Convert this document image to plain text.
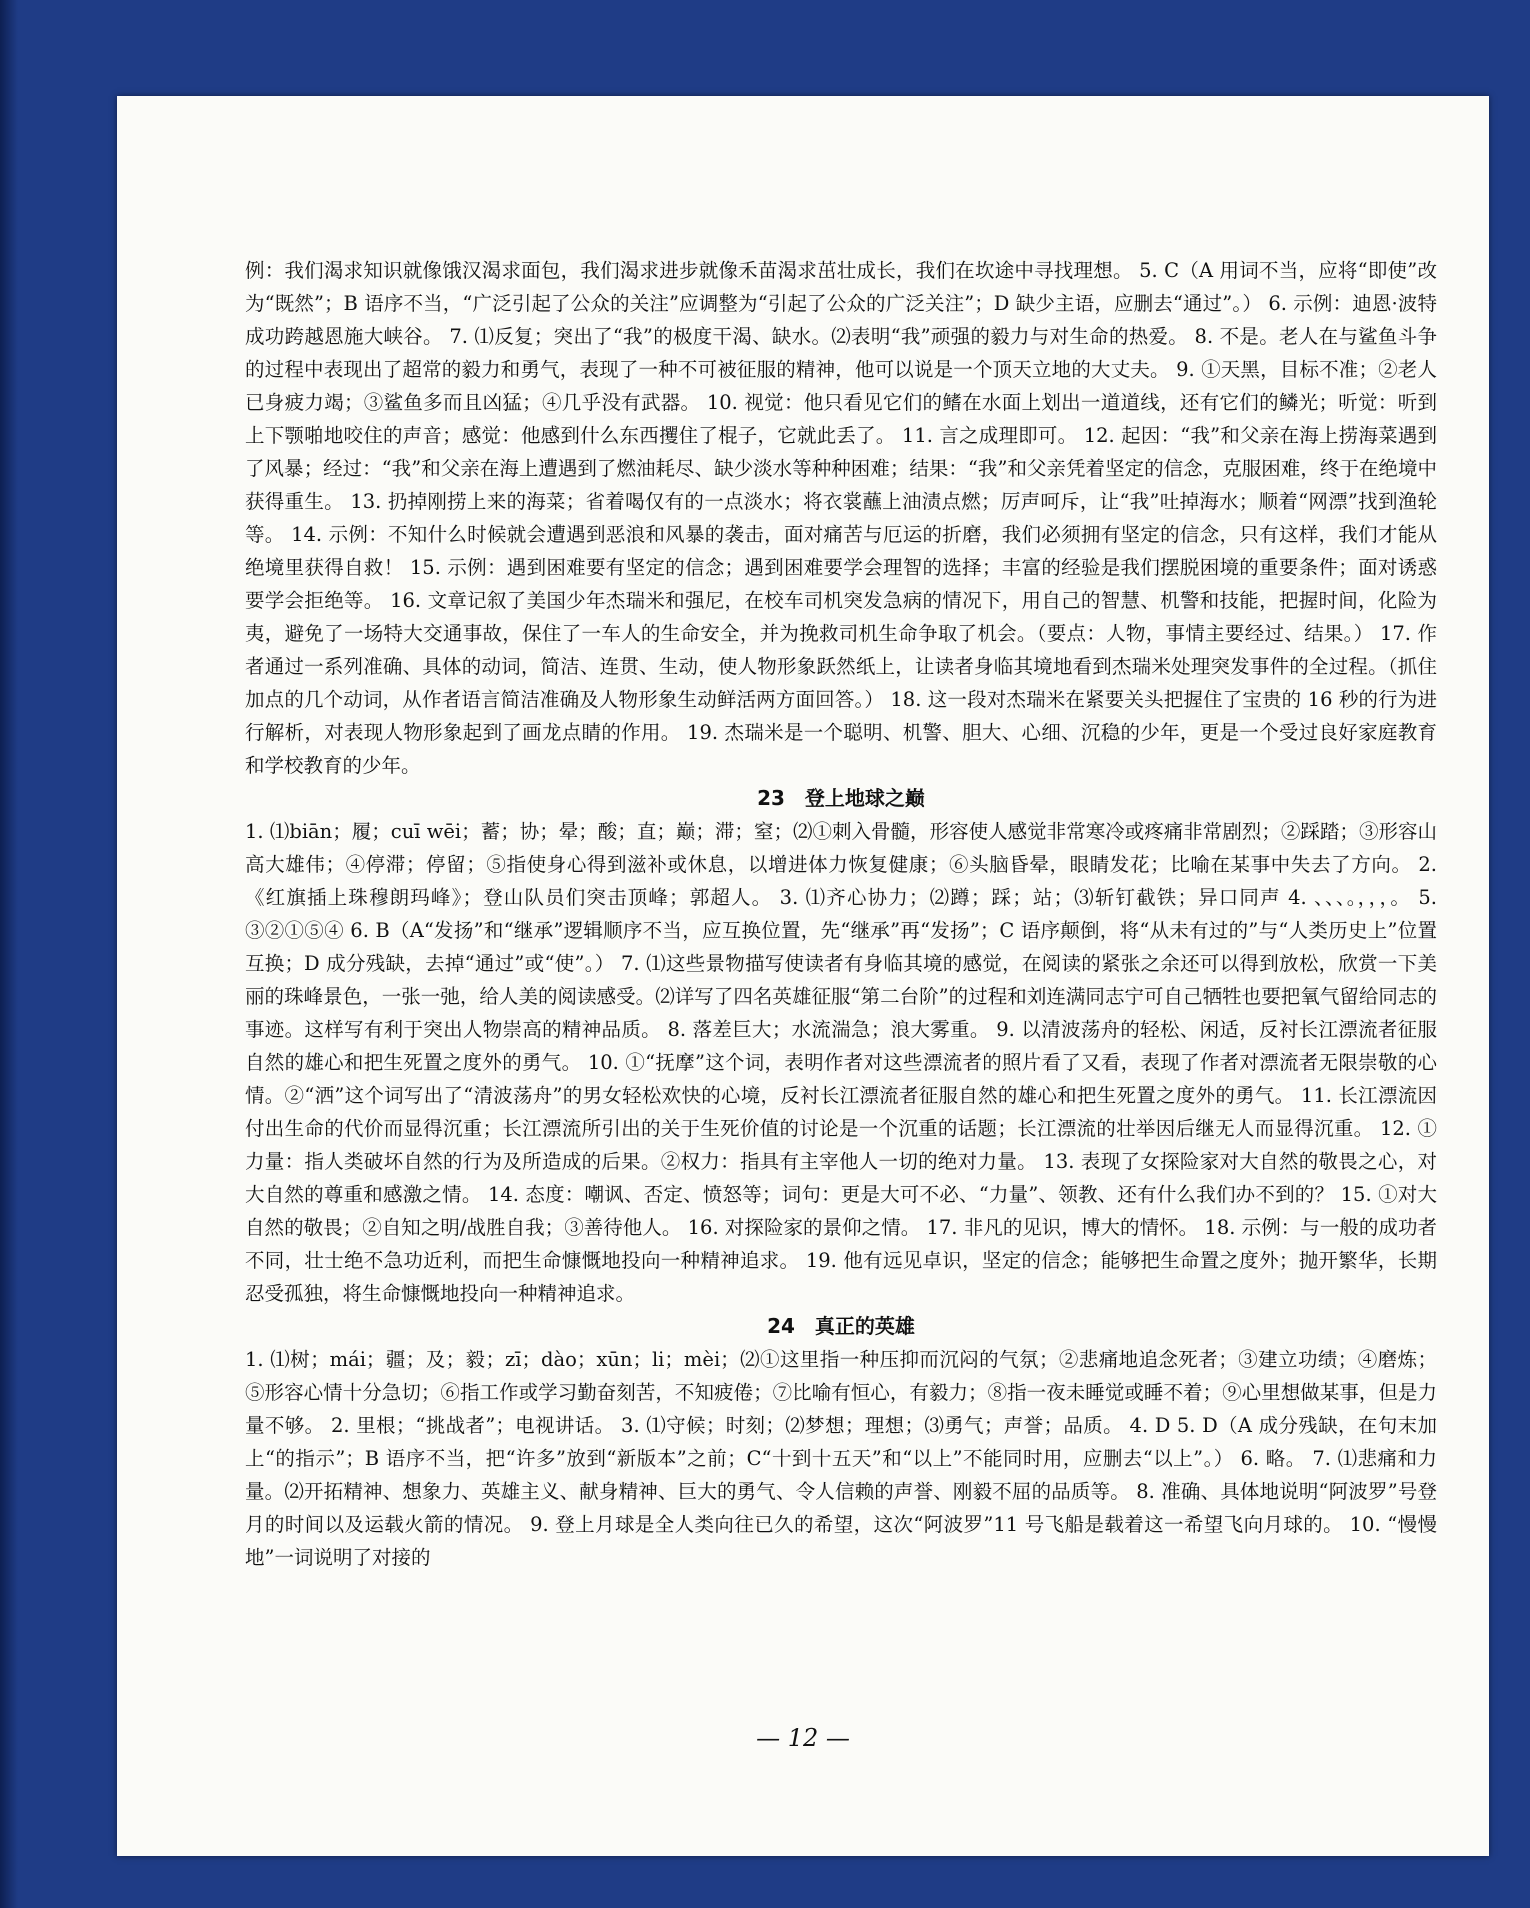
例：我们渴求知识就像饿汉渴求面包，我们渴求进步就像禾苗渴求茁壮成长，我们在坎途中寻找理想。 5. C（A 用词不当，应将“即使”改为“既然”；B 语序不当，“广泛引起了公众的关注”应调整为“引起了公众的广泛关注”；D 缺少主语，应删去“通过”。） 6. 示例：迪恩·波特成功跨越恩施大峡谷。 7. ⑴反复；突出了“我”的极度干渴、缺水。⑵表明“我”顽强的毅力与对生命的热爱。 8. 不是。老人在与鲨鱼斗争的过程中表现出了超常的毅力和勇气，表现了一种不可被征服的精神，他可以说是一个顶天立地的大丈夫。 9. ①天黑，目标不准；②老人已身疲力竭；③鲨鱼多而且凶猛；④几乎没有武器。 10. 视觉：他只看见它们的鳍在水面上划出一道道线，还有它们的鳞光；听觉：听到上下颚啪地咬住的声音；感觉：他感到什么东西攫住了棍子，它就此丢了。 11. 言之成理即可。 12. 起因：“我”和父亲在海上捞海菜遇到了风暴；经过：“我”和父亲在海上遭遇到了燃油耗尽、缺少淡水等种种困难；结果：“我”和父亲凭着坚定的信念，克服困难，终于在绝境中获得重生。 13. 扔掉刚捞上来的海菜；省着喝仅有的一点淡水；将衣裳蘸上油渍点燃；厉声呵斥，让“我”吐掉海水；顺着“网漂”找到渔轮等。 14. 示例：不知什么时候就会遭遇到恶浪和风暴的袭击，面对痛苦与厄运的折磨，我们必须拥有坚定的信念，只有这样，我们才能从绝境里获得自救！ 15. 示例：遇到困难要有坚定的信念；遇到困难要学会理智的选择；丰富的经验是我们摆脱困境的重要条件；面对诱惑要学会拒绝等。 16. 文章记叙了美国少年杰瑞米和强尼，在校车司机突发急病的情况下，用自己的智慧、机警和技能，把握时间，化险为夷，避免了一场特大交通事故，保住了一车人的生命安全，并为挽救司机生命争取了机会。（要点：人物，事情主要经过、结果。） 17. 作者通过一系列准确、具体的动词，简洁、连贯、生动，使人物形象跃然纸上，让读者身临其境地看到杰瑞米处理突发事件的全过程。（抓住加点的几个动词，从作者语言简洁准确及人物形象生动鲜活两方面回答。） 18. 这一段对杰瑞米在紧要关头把握住了宝贵的 16 秒的行为进行解析，对表现人物形象起到了画龙点睛的作用。 19. 杰瑞米是一个聪明、机警、胆大、心细、沉稳的少年，更是一个受过良好家庭教育和学校教育的少年。

23　登上地球之巅

1. ⑴biān；履；cuī wēi；蓄；协；晕；酸；直；巅；滞；窒；⑵①刺入骨髓，形容使人感觉非常寒冷或疼痛非常剧烈；②踩踏；③形容山高大雄伟；④停滞；停留；⑤指使身心得到滋补或休息，以增进体力恢复健康；⑥头脑昏晕，眼睛发花；比喻在某事中失去了方向。 2.《红旗插上珠穆朗玛峰》；登山队员们突击顶峰；郭超人。 3. ⑴齐心协力；⑵蹲；踩；站；⑶斩钉截铁；异口同声 4. 、、、。，，，。 5. ③②①⑤④ 6. B（A“发扬”和“继承”逻辑顺序不当，应互换位置，先“继承”再“发扬”；C 语序颠倒，将“从未有过的”与“人类历史上”位置互换；D 成分残缺，去掉“通过”或“使”。） 7. ⑴这些景物描写使读者有身临其境的感觉，在阅读的紧张之余还可以得到放松，欣赏一下美丽的珠峰景色，一张一弛，给人美的阅读感受。⑵详写了四名英雄征服“第二台阶”的过程和刘连满同志宁可自己牺牲也要把氧气留给同志的事迹。这样写有利于突出人物崇高的精神品质。 8. 落差巨大；水流湍急；浪大雾重。 9. 以清波荡舟的轻松、闲适，反衬长江漂流者征服自然的雄心和把生死置之度外的勇气。 10. ①“抚摩”这个词，表明作者对这些漂流者的照片看了又看，表现了作者对漂流者无限崇敬的心情。②“洒”这个词写出了“清波荡舟”的男女轻松欢快的心境，反衬长江漂流者征服自然的雄心和把生死置之度外的勇气。 11. 长江漂流因付出生命的代价而显得沉重；长江漂流所引出的关于生死价值的讨论是一个沉重的话题；长江漂流的壮举因后继无人而显得沉重。 12. ①力量：指人类破坏自然的行为及所造成的后果。②权力：指具有主宰他人一切的绝对力量。 13. 表现了女探险家对大自然的敬畏之心，对大自然的尊重和感激之情。 14. 态度：嘲讽、否定、愤怒等；词句：更是大可不必、“力量”、领教、还有什么我们办不到的？ 15. ①对大自然的敬畏；②自知之明/战胜自我；③善待他人。 16. 对探险家的景仰之情。 17. 非凡的见识，博大的情怀。 18. 示例：与一般的成功者不同，壮士绝不急功近利，而把生命慷慨地投向一种精神追求。 19. 他有远见卓识，坚定的信念；能够把生命置之度外；抛开繁华，长期忍受孤独，将生命慷慨地投向一种精神追求。

24　真正的英雄

1. ⑴树；mái；疆；及；毅；zī；dào；xūn；li；mèi；⑵①这里指一种压抑而沉闷的气氛；②悲痛地追念死者；③建立功绩；④磨炼；⑤形容心情十分急切；⑥指工作或学习勤奋刻苦，不知疲倦；⑦比喻有恒心，有毅力；⑧指一夜未睡觉或睡不着；⑨心里想做某事，但是力量不够。 2. 里根；“挑战者”；电视讲话。 3. ⑴守候；时刻；⑵梦想；理想；⑶勇气；声誉；品质。 4. D 5. D（A 成分残缺，在句末加上“的指示”；B 语序不当，把“许多”放到“新版本”之前；C“十到十五天”和“以上”不能同时用，应删去“以上”。） 6. 略。 7. ⑴悲痛和力量。⑵开拓精神、想象力、英雄主义、献身精神、巨大的勇气、令人信赖的声誉、刚毅不屈的品质等。 8. 准确、具体地说明“阿波罗”号登月的时间以及运载火箭的情况。 9. 登上月球是全人类向往已久的希望，这次“阿波罗”11 号飞船是载着这一希望飞向月球的。 10. “慢慢地”一词说明了对接的

— 12 —
